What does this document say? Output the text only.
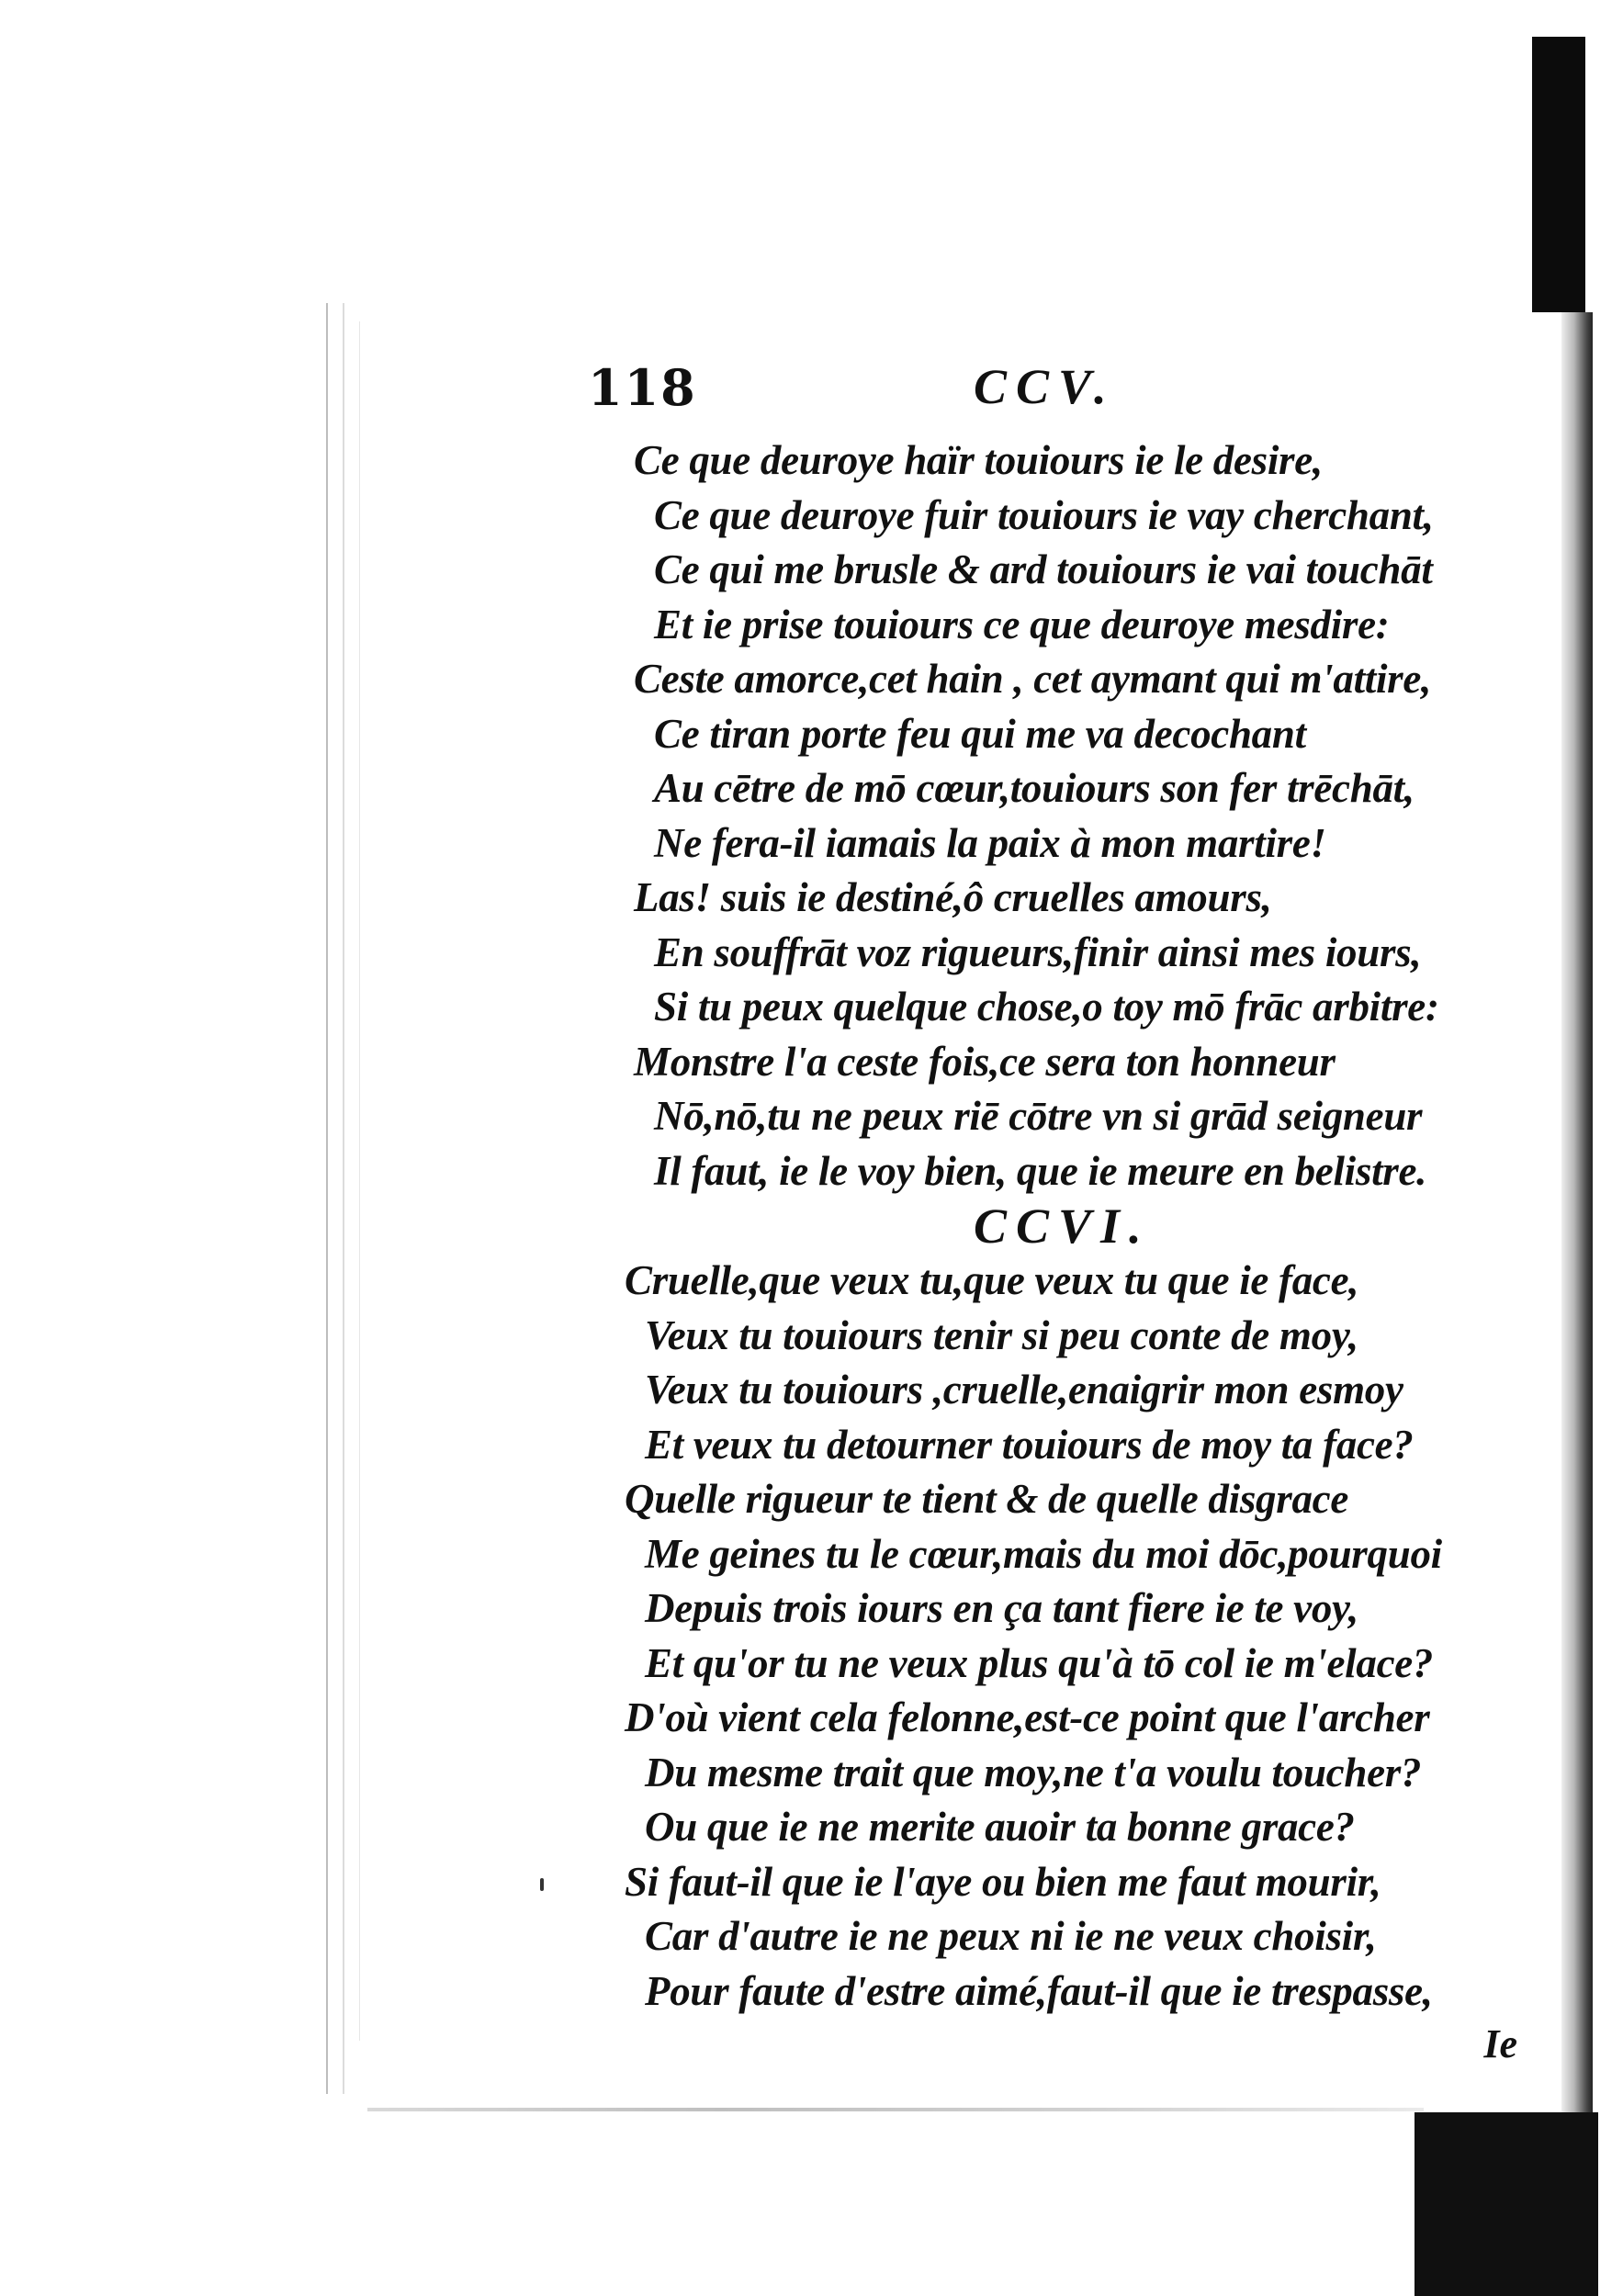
118	CCV.
Ce que deuroye haïr touiours ie le desire,
Ce que deuroye fuir touiours ie vay cherchant,
Ce qui me brusle & ard touiours ie vai touchāt
Et ie prise touiours ce que deuroye mesdire:
Ceste amorce,cet hain , cet aymant qui m'attire,
Ce tiran porte feu qui me va decochant
Au cētre de mō cœur,touiours son fer trēchāt,
Ne fera-il iamais la paix à mon martire!
Las! suis ie destiné,ô cruelles amours,
En souffrāt voz rigueurs,finir ainsi mes iours,
Si tu peux quelque chose,o toy mō frāc arbitre:
Monstre l'a ceste fois,ce sera ton honneur
Nō,nō,tu ne peux riē cōtre vn si grād seigneur
Il faut, ie le voy bien, que ie meure en belistre.
CCVI.
Cruelle,que veux tu,que veux tu que ie face,
Veux tu touiours tenir si peu conte de moy,
Veux tu touiours ,cruelle,enaigrir mon esmoy
Et veux tu detourner touiours de moy ta face?
Quelle rigueur te tient & de quelle disgrace
Me geines tu le cœur,mais du moi dōc,pourquoi
Depuis trois iours en ça tant fiere ie te voy,
Et qu'or tu ne veux plus qu'à tō col ie m'elace?
D'où vient cela felonne,est-ce point que l'archer
Du mesme trait que moy,ne t'a voulu toucher?
Ou que ie ne merite auoir ta bonne grace?
Si faut-il que ie l'aye ou bien me faut mourir,
Car d'autre ie ne peux ni ie ne veux choisir,
Pour faute d'estre aimé,faut-il que ie trespasse,
Ie
